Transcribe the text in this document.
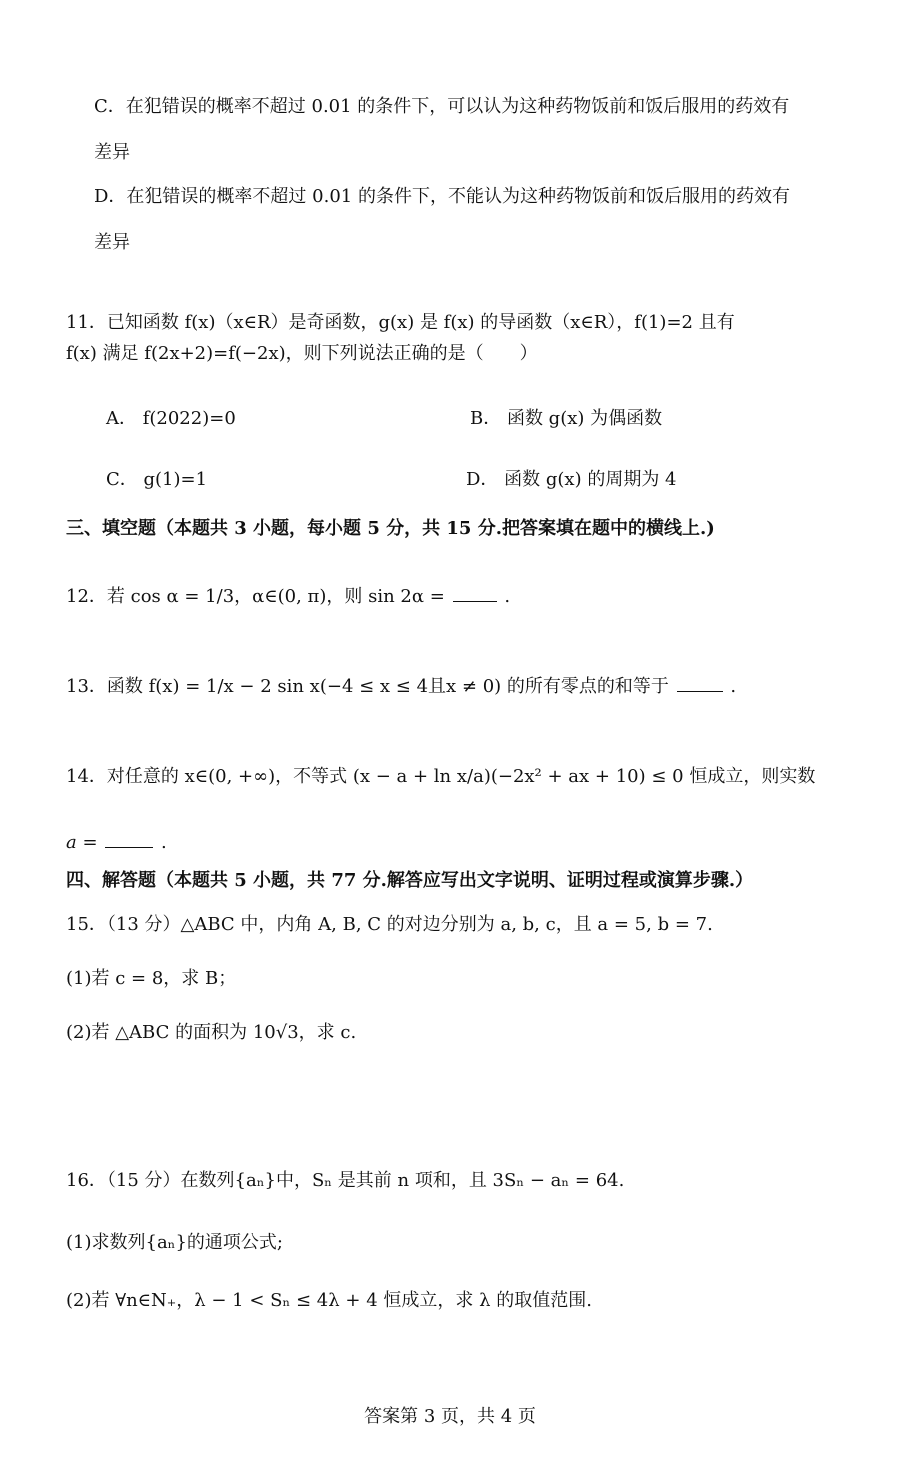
C．在犯错误的概率不超过 0.01 的条件下，可以认为这种药物饭前和饭后服用的药效有
差异
D．在犯错误的概率不超过 0.01 的条件下，不能认为这种药物饭前和饭后服用的药效有
差异
11．已知函数 f(x)（x∈R）是奇函数，g(x) 是 f(x) 的导函数（x∈R），f(1)=2 且有
f(x) 满足 f(2x+2)=f(−2x)，则下列说法正确的是（　　）
A． f(2022)=0	B． 函数 g(x) 为偶函数
C． g(1)=1	D． 函数 g(x) 的周期为 4
三、填空题（本题共 3 小题，每小题 5 分，共 15 分.把答案填在题中的横线上.)
12．若 cos α = 1/3，α∈(0, π)，则 sin 2α =	.
13．函数 f(x) = 1/x − 2 sin x(−4 ≤ x ≤ 4且x ≠ 0) 的所有零点的和等于	.
14．对任意的 x∈(0, +∞)，不等式 (x − a + ln x/a)(−2x² + ax + 10) ≤ 0 恒成立，则实数
a =	.
四、解答题（本题共 5 小题，共 77 分.解答应写出文字说明、证明过程或演算步骤.）
15．（13 分）△ABC 中，内角 A, B, C 的对边分别为 a, b, c，且 a = 5, b = 7.
(1)若 c = 8，求 B；
(2)若 △ABC 的面积为 10√3，求 c.
16．（15 分）在数列{aₙ}中，Sₙ 是其前 n 项和，且 3Sₙ − aₙ = 64.
(1)求数列{aₙ}的通项公式;
(2)若 ∀n∈N₊，λ − 1 < Sₙ ≤ 4λ + 4 恒成立，求 λ 的取值范围.
答案第 3 页，共 4 页
